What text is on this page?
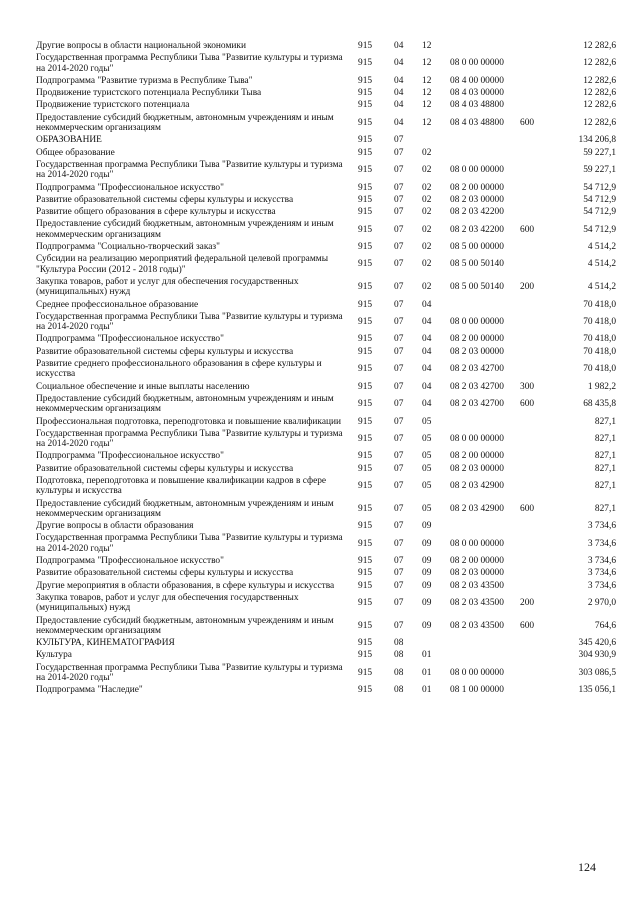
Другие вопросы в области национальной экономики	915	04	12			12 282,6
Государственная программа Республики Тыва "Развитие культуры и туризма на 2014-2020 годы"	915	04	12	08 0 00 00000		12 282,6
Подпрограмма "Развитие туризма в Республике Тыва"	915	04	12	08 4 00 00000		12 282,6
Продвижение туристского потенциала Республики Тыва	915	04	12	08 4 03 00000		12 282,6
Продвижение туристского потенциала	915	04	12	08 4 03 48800		12 282,6
Предоставление субсидий бюджетным, автономным учреждениям и иным некоммерческим организациям	915	04	12	08 4 03 48800	600	12 282,6
ОБРАЗОВАНИЕ	915	07				134 206,8
Общее образование	915	07	02			59 227,1
Государственная программа Республики Тыва "Развитие культуры и туризма на 2014-2020 годы"	915	07	02	08 0 00 00000		59 227,1
Подпрограмма "Профессиональное искусство"	915	07	02	08 2 00 00000		54 712,9
Развитие образовательной системы сферы культуры и искусства	915	07	02	08 2 03 00000		54 712,9
Развитие общего образования в сфере культуры и искусства	915	07	02	08 2 03 42200		54 712,9
Предоставление субсидий бюджетным, автономным учреждениям и иным некоммерческим организациям	915	07	02	08 2 03 42200	600	54 712,9
Подпрограмма "Социально-творческий заказ"	915	07	02	08 5 00 00000		4 514,2
Субсидии на реализацию мероприятий федеральной целевой программы "Культура России (2012 - 2018 годы)"	915	07	02	08 5 00 50140		4 514,2
Закупка товаров, работ и услуг для обеспечения государственных (муниципальных) нужд	915	07	02	08 5 00 50140	200	4 514,2
Среднее профессиональное образование	915	07	04			70 418,0
Государственная программа Республики Тыва "Развитие культуры и туризма на 2014-2020 годы"	915	07	04	08 0 00 00000		70 418,0
Подпрограмма "Профессиональное искусство"	915	07	04	08 2 00 00000		70 418,0
Развитие образовательной системы сферы культуры и искусства	915	07	04	08 2 03 00000		70 418,0
Развитие среднего профессионального образования в сфере культуры и искусства	915	07	04	08 2 03 42700		70 418,0
Социальное обеспечение и иные выплаты населению	915	07	04	08 2 03 42700	300	1 982,2
Предоставление субсидий бюджетным, автономным учреждениям и иным некоммерческим организациям	915	07	04	08 2 03 42700	600	68 435,8
Профессиональная подготовка, переподготовка и повышение квалификации	915	07	05			827,1
Государственная программа Республики Тыва "Развитие культуры и туризма на 2014-2020 годы"	915	07	05	08 0 00 00000		827,1
Подпрограмма "Профессиональное искусство"	915	07	05	08 2 00 00000		827,1
Развитие образовательной системы сферы культуры и искусства	915	07	05	08 2 03 00000		827,1
Подготовка, переподготовка и повышение квалификации кадров в сфере культуры и искусства	915	07	05	08 2 03 42900		827,1
Предоставление субсидий бюджетным, автономным учреждениям и иным некоммерческим организациям	915	07	05	08 2 03 42900	600	827,1
Другие вопросы в области образования	915	07	09			3 734,6
Государственная программа Республики Тыва "Развитие культуры и туризма на 2014-2020 годы"	915	07	09	08 0 00 00000		3 734,6
Подпрограмма "Профессиональное искусство"	915	07	09	08 2 00 00000		3 734,6
Развитие образовательной системы сферы культуры и искусства	915	07	09	08 2 03 00000		3 734,6
Другие мероприятия в области образования, в сфере культуры и искусства	915	07	09	08 2 03 43500		3 734,6
Закупка товаров, работ и услуг для обеспечения государственных (муниципальных) нужд	915	07	09	08 2 03 43500	200	2 970,0
Предоставление субсидий бюджетным, автономным учреждениям и иным некоммерческим организациям	915	07	09	08 2 03 43500	600	764,6
КУЛЬТУРА, КИНЕМАТОГРАФИЯ	915	08				345 420,6
Культура	915	08	01			304 930,9
Государственная программа Республики Тыва "Развитие культуры и туризма на 2014-2020 годы"	915	08	01	08 0 00 00000		303 086,5
Подпрограмма "Наследие"	915	08	01	08 1 00 00000		135 056,1
124
